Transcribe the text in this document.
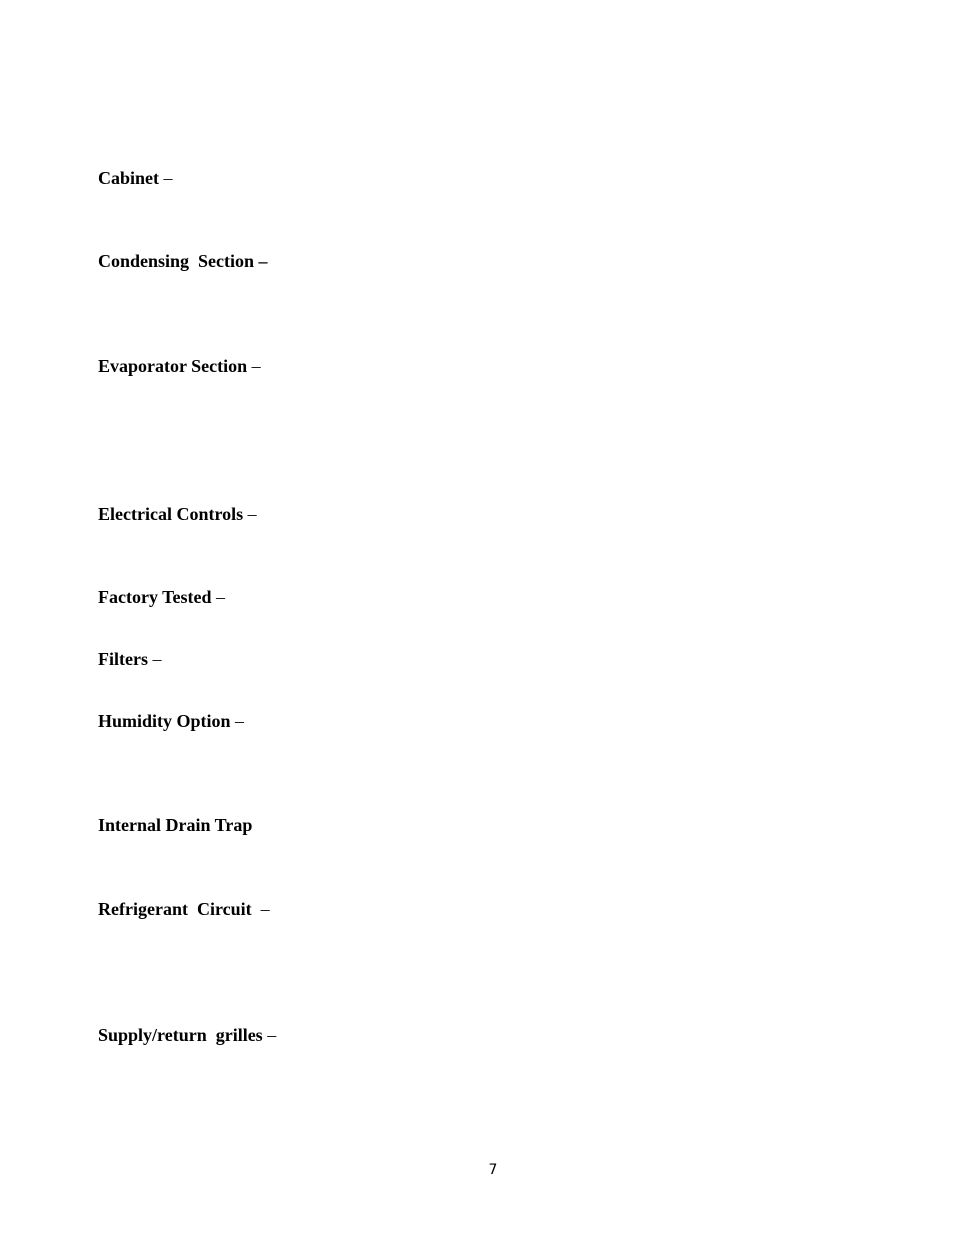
Cabinet –

Condensing  Section –

Evaporator Section –

Electrical Controls –

Factory Tested –

Filters –

Humidity Option –

Internal Drain Trap

Refrigerant  Circuit  –

Supply/return  grilles –

7
